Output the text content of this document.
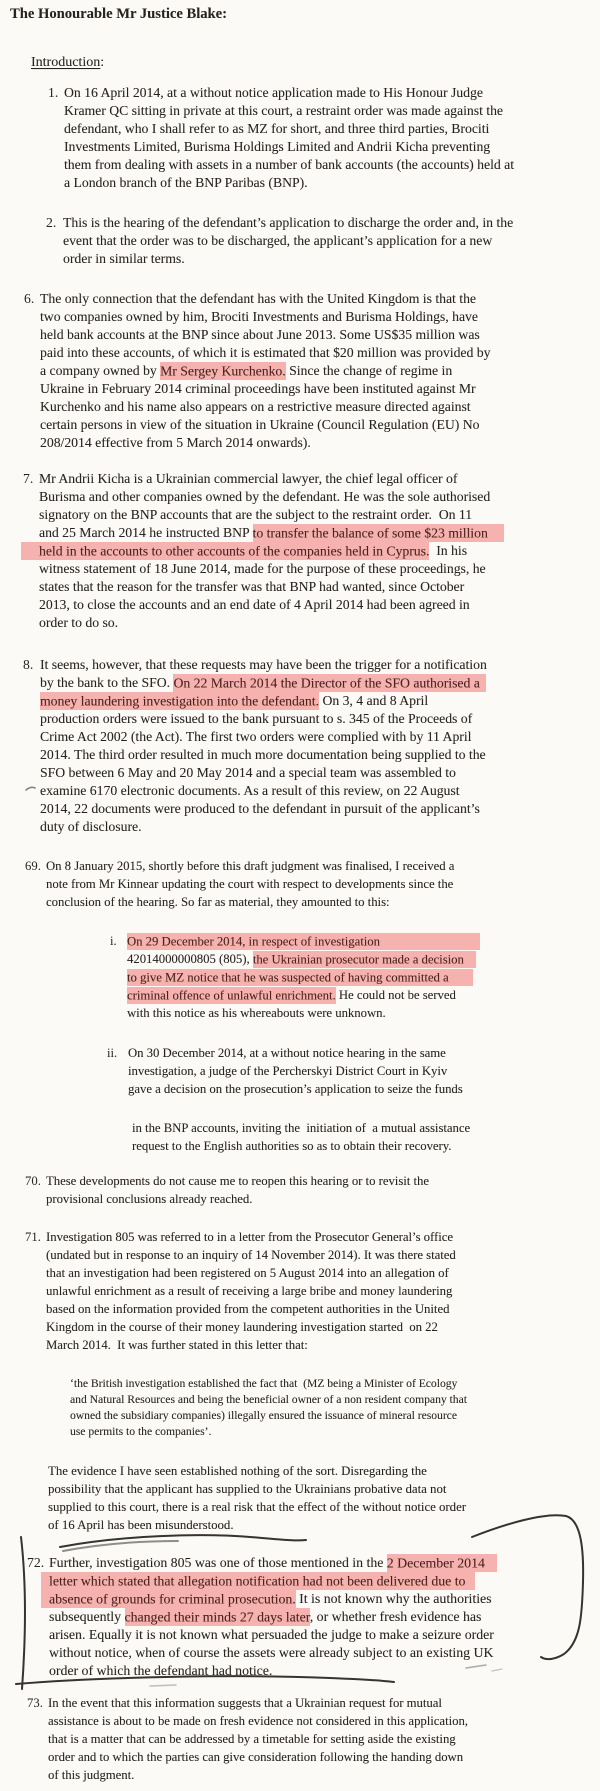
The Honourable Mr Justice Blake:

Introduction:

1. On 16 April 2014, at a without notice application made to His Honour Judge
Kramer QC sitting in private at this court, a restraint order was made against the
defendant, who I shall refer to as MZ for short, and three third parties, Brociti
Investments Limited, Burisma Holdings Limited and Andrii Kicha preventing
them from dealing with assets in a number of bank accounts (the accounts) held at
a London branch of the BNP Paribas (BNP).
2. This is the hearing of the defendant’s application to discharge the order and, in the
event that the order was to be discharged, the applicant’s application for a new
order in similar terms.
6. The only connection that the defendant has with the United Kingdom is that the
two companies owned by him, Brociti Investments and Burisma Holdings, have
held bank accounts at the BNP since about June 2013. Some US$35 million was
paid into these accounts, of which it is estimated that $20 million was provided by
a company owned by Mr Sergey Kurchenko. Since the change of regime in
Ukraine in February 2014 criminal proceedings have been instituted against Mr
Kurchenko and his name also appears on a restrictive measure directed against
certain persons in view of the situation in Ukraine (Council Regulation (EU) No
208/2014 effective from 5 March 2014 onwards).
7. Mr Andrii Kicha is a Ukrainian commercial lawyer, the chief legal officer of
Burisma and other companies owned by the defendant. He was the sole authorised
signatory on the BNP accounts that are the subject to the restraint order.  On 11
and 25 March 2014 he instructed BNP to transfer the balance of some $23 million
held in the accounts to other accounts of the companies held in Cyprus.  In his
witness statement of 18 June 2014, made for the purpose of these proceedings, he
states that the reason for the transfer was that BNP had wanted, since October
2013, to close the accounts and an end date of 4 April 2014 had been agreed in
order to do so.
8. It seems, however, that these requests may have been the trigger for a notification
by the bank to the SFO. On 22 March 2014 the Director of the SFO authorised a
money laundering investigation into the defendant. On 3, 4 and 8 April
production orders were issued to the bank pursuant to s. 345 of the Proceeds of
Crime Act 2002 (the Act). The first two orders were complied with by 11 April
2014. The third order resulted in much more documentation being supplied to the
SFO between 6 May and 20 May 2014 and a special team was assembled to
examine 6170 electronic documents. As a result of this review, on 22 August
2014, 22 documents were produced to the defendant in pursuit of the applicant’s
duty of disclosure.
69. On 8 January 2015, shortly before this draft judgment was finalised, I received a
note from Mr Kinnear updating the court with respect to developments since the
conclusion of the hearing. So far as material, they amounted to this:
i. On 29 December 2014, in respect of investigation
42014000000805 (805), the Ukrainian prosecutor made a decision
to give MZ notice that he was suspected of having committed a
criminal offence of unlawful enrichment. He could not be served
with this notice as his whereabouts were unknown.
ii. On 30 December 2014, at a without notice hearing in the same
investigation, a judge of the Percherskyi District Court in Kyiv
gave a decision on the prosecution’s application to seize the funds
in the BNP accounts, inviting the  initiation of  a mutual assistance
request to the English authorities so as to obtain their recovery.
70. These developments do not cause me to reopen this hearing or to revisit the
provisional conclusions already reached.
71. Investigation 805 was referred to in a letter from the Prosecutor General’s office
(undated but in response to an inquiry of 14 November 2014). It was there stated
that an investigation had been registered on 5 August 2014 into an allegation of
unlawful enrichment as a result of receiving a large bribe and money laundering
based on the information provided from the competent authorities in the United
Kingdom in the course of their money laundering investigation started  on 22
March 2014.  It was further stated in this letter that:
‘the British investigation established the fact that  (MZ being a Minister of Ecology
and Natural Resources and being the beneficial owner of a non resident company that
owned the subsidiary companies) illegally ensured the issuance of mineral resource
use permits to the companies’.
The evidence I have seen established nothing of the sort. Disregarding the
possibility that the applicant has supplied to the Ukrainians probative data not
supplied to this court, there is a real risk that the effect of the without notice order
of 16 April has been misunderstood.
72. Further, investigation 805 was one of those mentioned in the 2 December 2014
letter which stated that allegation notification had not been delivered due to
absence of grounds for criminal prosecution. It is not known why the authorities
subsequently changed their minds 27 days later, or whether fresh evidence has
arisen. Equally it is not known what persuaded the judge to make a seizure order
without notice, when of course the assets were already subject to an existing UK
order of which the defendant had notice.
73. In the event that this information suggests that a Ukrainian request for mutual
assistance is about to be made on fresh evidence not considered in this application,
that is a matter that can be addressed by a timetable for setting aside the existing
order and to which the parties can give consideration following the handing down
of this judgment.
